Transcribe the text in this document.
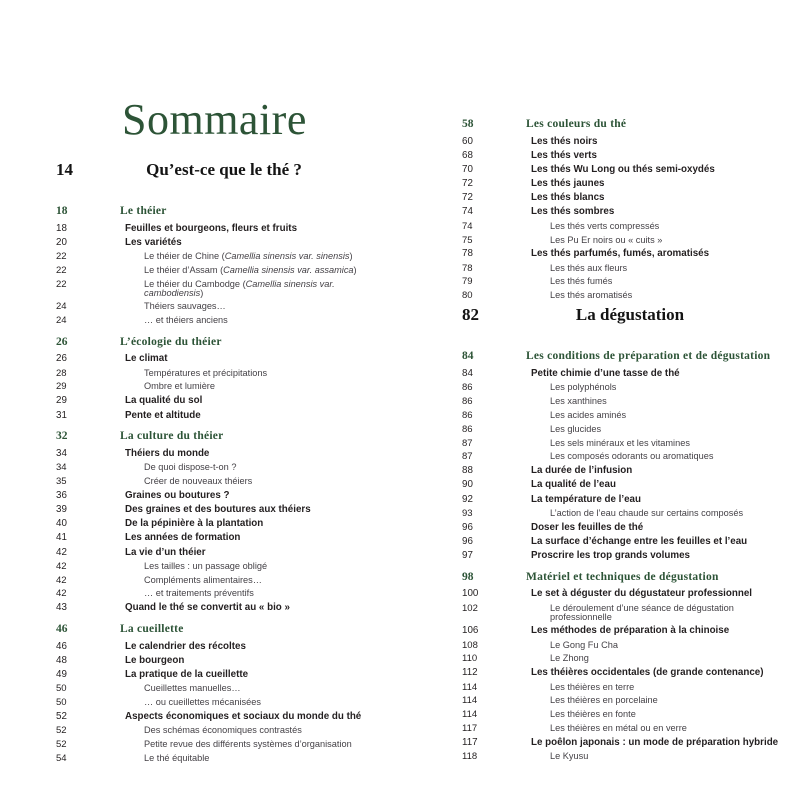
Sommaire
14	Qu’est-ce que le thé ?
18	Le théier
18	Feuilles et bourgeons, fleurs et fruits
20	Les variétés
22	Le théier de Chine (Camellia sinensis var. sinensis)
22	Le théier d’Assam (Camellia sinensis var. assamica)
22	Le théier du Cambodge (Camellia sinensis var. cambodiensis)
24	Théiers sauvages…
24	… et théiers anciens
26	L’écologie du théier
26	Le climat
28	Températures et précipitations
29	Ombre et lumière
29	La qualité du sol
31	Pente et altitude
32	La culture du théier
34	Théiers du monde
34	De quoi dispose-t-on ?
35	Créer de nouveaux théiers
36	Graines ou boutures ?
39	Des graines et des boutures aux théiers
40	De la pépinière à la plantation
41	Les années de formation
42	La vie d’un théier
42	Les tailles : un passage obligé
42	Compléments alimentaires…
42	… et traitements préventifs
43	Quand le thé se convertit au « bio »
46	La cueillette
46	Le calendrier des récoltes
48	Le bourgeon
49	La pratique de la cueillette
50	Cueillettes manuelles…
50	… ou cueillettes mécanisées
52	Aspects économiques et sociaux du monde du thé
52	Des schémas économiques contrastés
52	Petite revue des différents systèmes d’organisation
54	Le thé équitable
58	Les couleurs du thé
60	Les thés noirs
68	Les thés verts
70	Les thés Wu Long ou thés semi-oxydés
72	Les thés jaunes
72	Les thés blancs
74	Les thés sombres
74	Les thés verts compressés
75	Les Pu Er noirs ou « cuits »
78	Les thés parfumés, fumés, aromatisés
78	Les thés aux fleurs
79	Les thés fumés
80	Les thés aromatisés
82	La dégustation
84	Les conditions de préparation et de dégustation
84	Petite chimie d’une tasse de thé
86	Les polyphénols
86	Les xanthines
86	Les acides aminés
86	Les glucides
87	Les sels minéraux et les vitamines
87	Les composés odorants ou aromatiques
88	La durée de l’infusion
90	La qualité de l’eau
92	La température de l’eau
93	L’action de l’eau chaude sur certains composés
96	Doser les feuilles de thé
96	La surface d’échange entre les feuilles et l’eau
97	Proscrire les trop grands volumes
98	Matériel et techniques de dégustation
100	Le set à déguster du dégustateur professionnel
102	Le déroulement d’une séance de dégustation professionnelle
106	Les méthodes de préparation à la chinoise
108	Le Gong Fu Cha
110	Le Zhong
112	Les théières occidentales (de grande contenance)
114	Les théières en terre
114	Les théières en porcelaine
114	Les théières en fonte
117	Les théières en métal ou en verre
117	Le poêlon japonais : un mode de préparation hybride
118	Le Kyusu
